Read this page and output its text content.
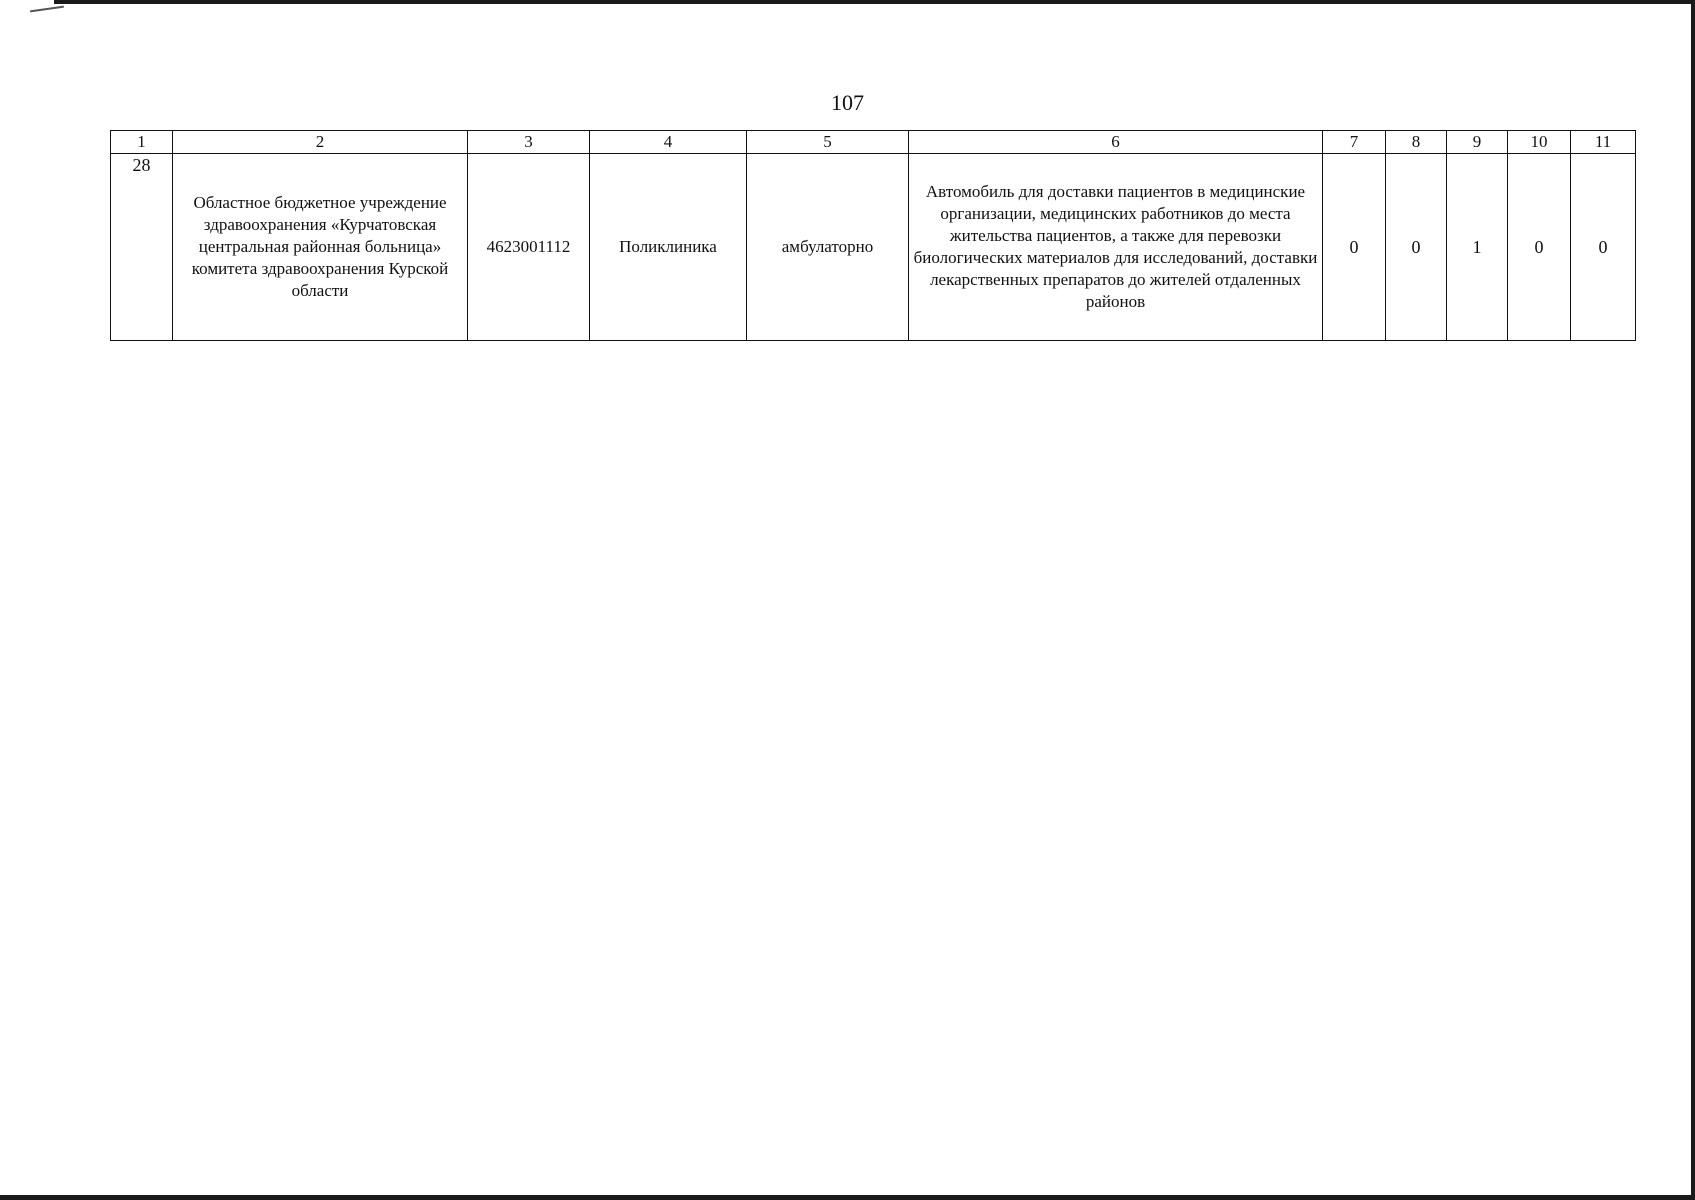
107
1	2	3	4	5	6	7	8	9	10	11
28	Областное бюджетное учреждение здравоохранения «Курчатовская центральная районная больница» комитета здравоохранения Курской области	4623001112	Поликлиника	амбулаторно	Автомобиль для доставки пациентов в медицинские организации, медицинских работников до места жительства пациентов, а также для перевозки биологических материалов для исследований, доставки лекарственных препаратов до жителей отдаленных районов	0	0	1	0	0
